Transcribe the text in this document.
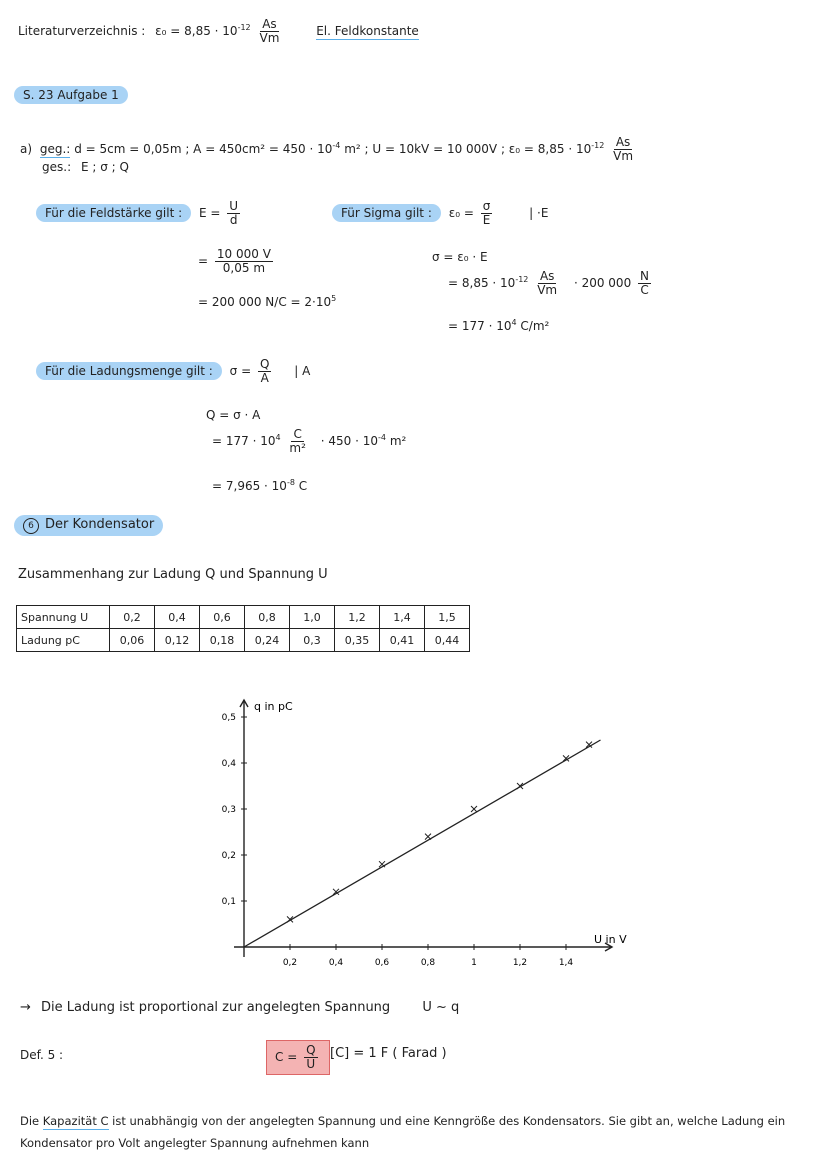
Literaturverzeichnis : $\varepsilon_0 = 8,85 \cdot 10^{-12} \frac{As}{Vm}$	El. Feldkonstante
S. 23 Aufgabe 1
a) geg.: d = 5cm = 0,05m ; $A = 450cm^2 = 450 \cdot 10^{-4}$ m² ; U = 10kV = 10 000V ; $\varepsilon_0 = 8,85 \cdot 10^{-12} \frac{As}{Vm}$
ges.: E ; σ ; Q
Für die Feldstärke gilt : $E = \frac{U}{d}$
= $\frac{10 000 V}{0,05 m}$
= 200 000 $N/C = 2\cdot 10^5$
Für Sigma gilt : $\varepsilon_0 = \frac{\sigma}{E}$	| ·E
σ = ε₀ · E
= $8,85 \cdot 10^{-12} \frac{As}{Vm} \cdot 200$ $000 \frac{N}{C}$
= $177 \cdot 10^4$ C/m²
Für die Ladungsmenge gilt : $\sigma = \frac{Q}{A}$ | A
Q = σ · A
= $177 \cdot 10^4 \frac{C}{\text{m²}} \cdot 450 \cdot 10^{-4}$ m²
= $7,965 \cdot 10^{-8}$ C
6 Der Kondensator
Zusammenhang zur Ladung Q und Spannung U
Spannung U	0,2	0,4	0,6	0,8	1,0	1,2	1,4	1,5
Ladung pC	0,06	0,12	0,18	0,24	0,3	0,35	0,41	0,44
q in pC
U in V
0,2	0,4	0,6	0,8	1	1,2	1,4
0,1
0,2
0,3
0,4
0,5
→ Die Ladung ist proportional zur angelegten Spannung U ~ q
Def. 5 :	$C = \frac{Q}{U} [C] = 1$ F ( Farad )
Die Kapazität C ist unabhängig von der angelegten Spannung und eine Kenngröße des Kondensators. Sie gibt an, welche Ladung ein
Kondensator pro Volt angelegter Spannung aufnehmen kann
